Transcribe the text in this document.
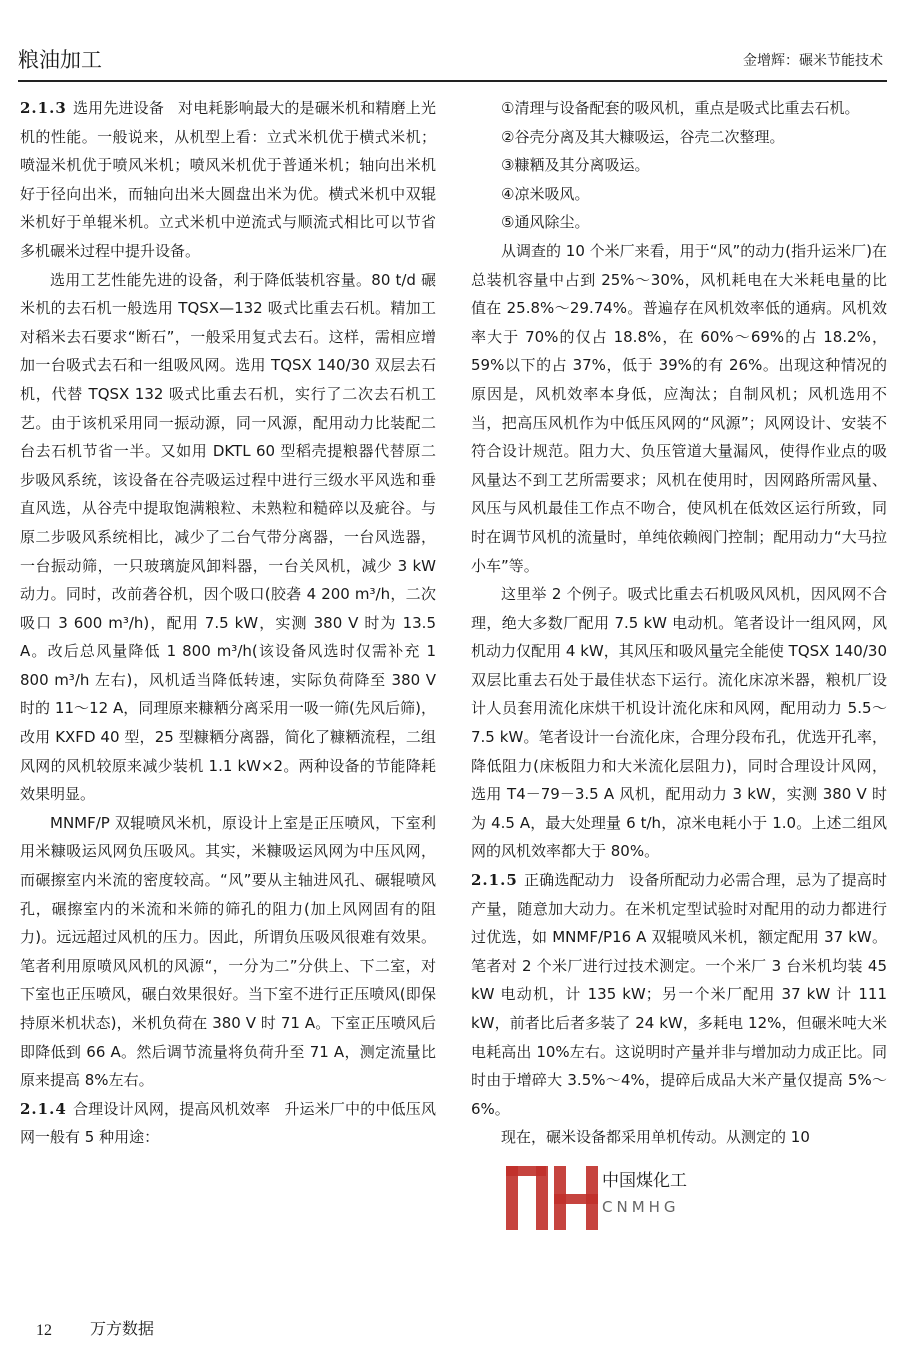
粮油加工	金增辉：碾米节能技术

2.1.3 选用先进设备 对电耗影响最大的是碾米机和精磨上光机的性能。一般说来，从机型上看：立式米机优于横式米机；喷湿米机优于喷风米机；喷风米机优于普通米机；轴向出米机好于径向出米，而轴向出米大圆盘出米为优。横式米机中双辊米机好于单辊米机。立式米机中逆流式与顺流式相比可以节省多机碾米过程中提升设备。

选用工艺性能先进的设备，利于降低装机容量。80 t/d 碾米机的去石机一般选用 TQSX—132 吸式比重去石机。精加工对稻米去石要求“断石”，一般采用复式去石。这样，需相应增加一台吸式去石和一组吸风网。选用 TQSX 140/30 双层去石机，代替 TQSX 132 吸式比重去石机，实行了二次去石机工艺。由于该机采用同一振动源，同一风源，配用动力比装配二台去石机节省一半。又如用 DKTL 60 型稻壳提粮器代替原二步吸风系统，该设备在谷壳吸运过程中进行三级水平风选和垂直风选，从谷壳中提取饱满粮粒、未熟粒和糙碎以及疵谷。与原二步吸风系统相比，减少了二台气带分离器，一台风选器，一台振动筛，一只玻璃旋风卸料器，一台关风机，减少 3 kW 动力。同时，改前砻谷机，因个吸口(胶砻 4 200 m³/h，二次吸口 3 600 m³/h)，配用 7.5 kW，实测 380 V 时为 13.5 A。改后总风量降低 1 800 m³/h(该设备风选时仅需补充 1 800 m³/h 左右)，风机适当降低转速，实际负荷降至 380 V 时的 11～12 A，同理原来糠粞分离采用一吸一筛(先风后筛)，改用 KXFD 40 型，25 型糠粞分离器，简化了糠粞流程，二组风网的风机较原来减少装机 1.1 kW×2。两种设备的节能降耗效果明显。

MNMF/P 双辊喷风米机，原设计上室是正压喷风，下室利用米糠吸运风网负压吸风。其实，米糠吸运风网为中压风网，而碾擦室内米流的密度较高。“风”要从主轴进风孔、碾辊喷风孔，碾擦室内的米流和米筛的筛孔的阻力(加上风网固有的阻力)。远远超过风机的压力。因此，所谓负压吸风很难有效果。笔者利用原喷风风机的风源“，一分为二”分供上、下二室，对下室也正压喷风，碾白效果很好。当下室不进行正压喷风(即保持原米机状态)，米机负荷在 380 V 时 71 A。下室正压喷风后即降低到 66 A。然后调节流量将负荷升至 71 A，测定流量比原来提高 8%左右。

2.1.4 合理设计风网，提高风机效率 升运米厂中的中低压风网一般有 5 种用途：

①清理与设备配套的吸风机，重点是吸式比重去石机。

②谷壳分离及其大糠吸运，谷壳二次整理。

③糠粞及其分离吸运。

④凉米吸风。

⑤通风除尘。

从调查的 10 个米厂来看，用于“风”的动力(指升运米厂)在总装机容量中占到 25%～30%，风机耗电在大米耗电量的比值在 25.8%～29.74%。普遍存在风机效率低的通病。风机效率大于 70%的仅占 18.8%，在 60%～69%的占 18.2%，59%以下的占 37%，低于 39%的有 26%。出现这种情况的原因是，风机效率本身低，应淘汰；自制风机；风机选用不当，把高压风机作为中低压风网的“风源”；风网设计、安装不符合设计规范。阻力大、负压管道大量漏风，使得作业点的吸风量达不到工艺所需要求；风机在使用时，因网路所需风量、风压与风机最佳工作点不吻合，使风机在低效区运行所致，同时在调节风机的流量时，单纯依赖阀门控制；配用动力“大马拉小车”等。

这里举 2 个例子。吸式比重去石机吸风风机，因风网不合理，绝大多数厂配用 7.5 kW 电动机。笔者设计一组风网，风机动力仅配用 4 kW，其风压和吸风量完全能使 TQSX 140/30 双层比重去石处于最佳状态下运行。流化床凉米器，粮机厂设计人员套用流化床烘干机设计流化床和风网，配用动力 5.5～7.5 kW。笔者设计一台流化床，合理分段布孔，优选开孔率，降低阻力(床板阻力和大米流化层阻力)，同时合理设计风网，选用 T4－79－3.5 A 风机，配用动力 3 kW，实测 380 V 时为 4.5 A，最大处理量 6 t/h，凉米电耗小于 1.0。上述二组风网的风机效率都大于 80%。

2.1.5 正确选配动力 设备所配动力必需合理，忌为了提高时产量，随意加大动力。在米机定型试验时对配用的动力都进行过优选，如 MNMF/P16 A 双辊喷风米机，额定配用 37 kW。笔者对 2 个米厂进行过技术测定。一个米厂 3 台米机均装 45 kW 电动机，计 135 kW；另一个米厂配用 37 kW 计 111 kW，前者比后者多装了 24 kW，多耗电 12%，但碾米吨大米电耗高出 10%左右。这说明时产量并非与增加动力成正比。同时由于增碎大 3.5%～4%，提碎后成品大米产量仅提高 5%～6%。

现在，碾米设备都采用单机传动。从测定的 10

12 万方数据
中国煤化工
CNMHG
